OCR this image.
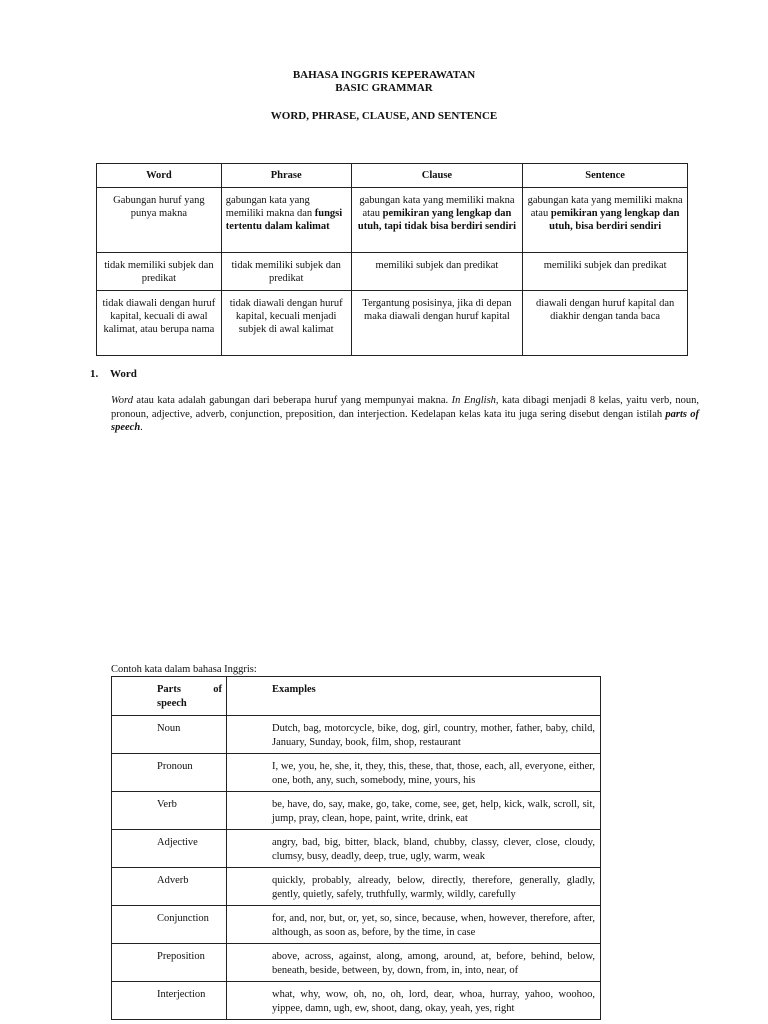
BAHASA INGGRIS KEPERAWATAN
BASIC GRAMMAR
WORD, PHRASE, CLAUSE, AND SENTENCE
Word	Phrase	Clause	Sentence
Gabungan huruf yang punya makna	gabungan kata yang memiliki makna dan fungsi tertentu dalam kalimat	gabungan kata yang memiliki makna atau pemikiran yang lengkap dan utuh, tapi tidak bisa berdiri sendiri	gabungan kata yang memiliki makna atau pemikiran yang lengkap dan utuh, bisa berdiri sendiri
tidak memiliki subjek dan predikat	tidak memiliki subjek dan predikat	memiliki subjek dan predikat	memiliki subjek dan predikat
tidak diawali dengan huruf kapital, kecuali di awal kalimat, atau berupa nama	tidak diawali dengan huruf kapital, kecuali menjadi subjek di awal kalimat	Tergantung posisinya, jika di depan maka diawali dengan huruf kapital	diawali dengan huruf kapital dan diakhir dengan tanda baca
1. Word
Word atau kata adalah gabungan dari beberapa huruf yang mempunyai makna. In English, kata dibagi menjadi 8 kelas, yaitu verb, noun, pronoun, adjective, adverb, conjunction, preposition, dan interjection. Kedelapan kelas kata itu juga sering disebut dengan istilah parts of speech.
Contoh kata dalam bahasa Inggris:
Parts of
speech	Examples
Noun	Dutch, bag, motorcycle, bike, dog, girl, country, mother, father, baby, child, January, Sunday, book, film, shop, restaurant
Pronoun	I, we, you, he, she, it, they, this, these, that, those, each, all, everyone, either, one, both, any, such, somebody, mine, yours, his
Verb	be, have, do, say, make, go, take, come, see, get, help, kick, walk, scroll, sit, jump, pray, clean, hope, paint, write, drink, eat
Adjective	angry, bad, big, bitter, black, bland, chubby, classy, clever, close, cloudy, clumsy, busy, deadly, deep, true, ugly, warm, weak
Adverb	quickly, probably, already, below, directly, therefore, generally, gladly, gently, quietly, safely, truthfully, warmly, wildly, carefully
Conjunction	for, and, nor, but, or, yet, so, since, because, when, however, therefore, after, although, as soon as, before, by the time, in case
Preposition	above, across, against, along, among, around, at, before, behind, below, beneath, beside, between, by, down, from, in, into, near, of
Interjection	what, why, wow, oh, no, oh, lord, dear, whoa, hurray, yahoo, woohoo, yippee, damn, ugh, ew, shoot, dang, okay, yeah, yes, right
